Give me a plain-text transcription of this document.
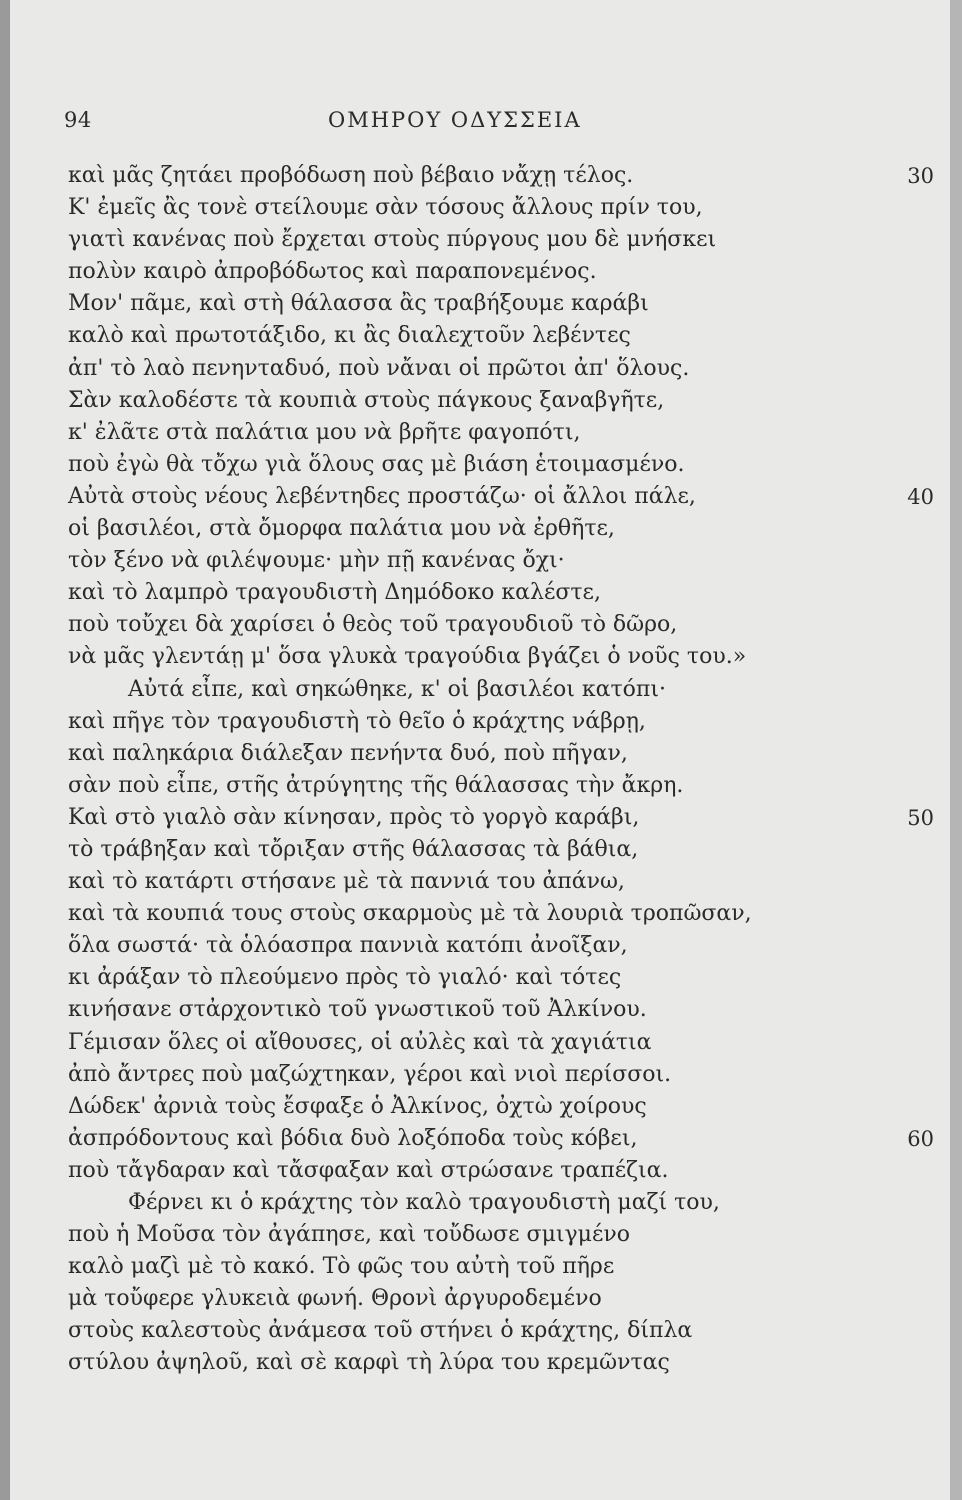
94	ΟΜΗΡΟΥ ΟΔΥΣΣΕΙΑ
καὶ μᾶς ζητάει προβόδωση ποὺ βέβαιο νἄχῃ τέλος.	30
Κ' ἐμεῖς ἂς τονὲ στείλουμε σὰν τόσους ἄλλους πρίν του,
γιατὶ κανένας ποὺ ἔρχεται στοὺς πύργους μου δὲ μνήσκει
πολὺν καιρὸ ἀπροβόδωτος καὶ παραπονεμένος.
Μον' πᾶμε, καὶ στὴ θάλασσα ἂς τραβήξουμε καράβι
καλὸ καὶ πρωτοτάξιδο, κι ἂς διαλεχτοῦν λεβέντες
ἀπ' τὸ λαὸ πενηνταδυό, ποὺ νἄναι οἱ πρῶτοι ἀπ' ὅλους.
Σὰν καλοδέστε τὰ κουπιὰ στοὺς πάγκους ξαναβγῆτε,
κ' ἐλᾶτε στὰ παλάτια μου νὰ βρῆτε φαγοπότι,
ποὺ ἐγὼ θὰ τὄχω γιὰ ὅλους σας μὲ βιάση ἑτοιμασμένο.
Αὐτὰ στοὺς νέους λεβέντηδες προστάζω· οἱ ἄλλοι πάλε,	40
οἱ βασιλέοι, στὰ ὄμορφα παλάτια μου νὰ ἐρθῆτε,
τὸν ξένο νὰ φιλέψουμε· μὴν πῇ κανένας ὄχι·
καὶ τὸ λαμπρὸ τραγουδιστὴ Δημόδοκο καλέστε,
ποὺ τοὔχει δὰ χαρίσει ὁ θεὸς τοῦ τραγουδιοῦ τὸ δῶρο,
νὰ μᾶς γλεντάῃ μ' ὅσα γλυκὰ τραγούδια βγάζει ὁ νοῦς του.»
Αὐτά εἶπε, καὶ σηκώθηκε, κ' οἱ βασιλέοι κατόπι·
καὶ πῆγε τὸν τραγουδιστὴ τὸ θεῖο ὁ κράχτης νάβρῃ,
καὶ παληκάρια διάλεξαν πενήντα δυό, ποὺ πῆγαν,
σὰν ποὺ εἶπε, στῆς ἀτρύγητης τῆς θάλασσας τὴν ἄκρη.
Καὶ στὸ γιαλὸ σὰν κίνησαν, πρὸς τὸ γοργὸ καράβι,	50
τὸ τράβηξαν καὶ τὄριξαν στῆς θάλασσας τὰ βάθια,
καὶ τὸ κατάρτι στήσανε μὲ τὰ παννιά του ἀπάνω,
καὶ τὰ κουπιά τους στοὺς σκαρμοὺς μὲ τὰ λουριὰ τροπῶσαν,
ὅλα σωστά· τὰ ὁλόασπρα παννιὰ κατόπι ἀνοῖξαν,
κι ἀράξαν τὸ πλεούμενο πρὸς τὸ γιαλό· καὶ τότες
κινήσανε στἀρχοντικὸ τοῦ γνωστικοῦ τοῦ Ἀλκίνου.
Γέμισαν ὅλες οἱ αἴθουσες, οἱ αὐλὲς καὶ τὰ χαγιάτια
ἀπὸ ἄντρες ποὺ μαζώχτηκαν, γέροι καὶ νιοὶ περίσσοι.
Δώδεκ' ἀρνιὰ τοὺς ἔσφαξε ὁ Ἀλκίνος, ὀχτὼ χοίρους
ἀσπρόδοντους καὶ βόδια δυὸ λοξόποδα τοὺς κόβει,	60
ποὺ τἄγδαραν καὶ τἄσφαξαν καὶ στρώσανε τραπέζια.
Φέρνει κι ὁ κράχτης τὸν καλὸ τραγουδιστὴ μαζί του,
ποὺ ἡ Μοῦσα τὸν ἀγάπησε, καὶ τοὔδωσε σμιγμένο
καλὸ μαζὶ μὲ τὸ κακό. Τὸ φῶς του αὐτὴ τοῦ πῆρε
μὰ τοὔφερε γλυκειὰ φωνή. Θρονὶ ἀργυροδεμένο
στοὺς καλεστοὺς ἀνάμεσα τοῦ στήνει ὁ κράχτης, δίπλα
στύλου ἀψηλοῦ, καὶ σὲ καρφὶ τὴ λύρα του κρεμῶντας
